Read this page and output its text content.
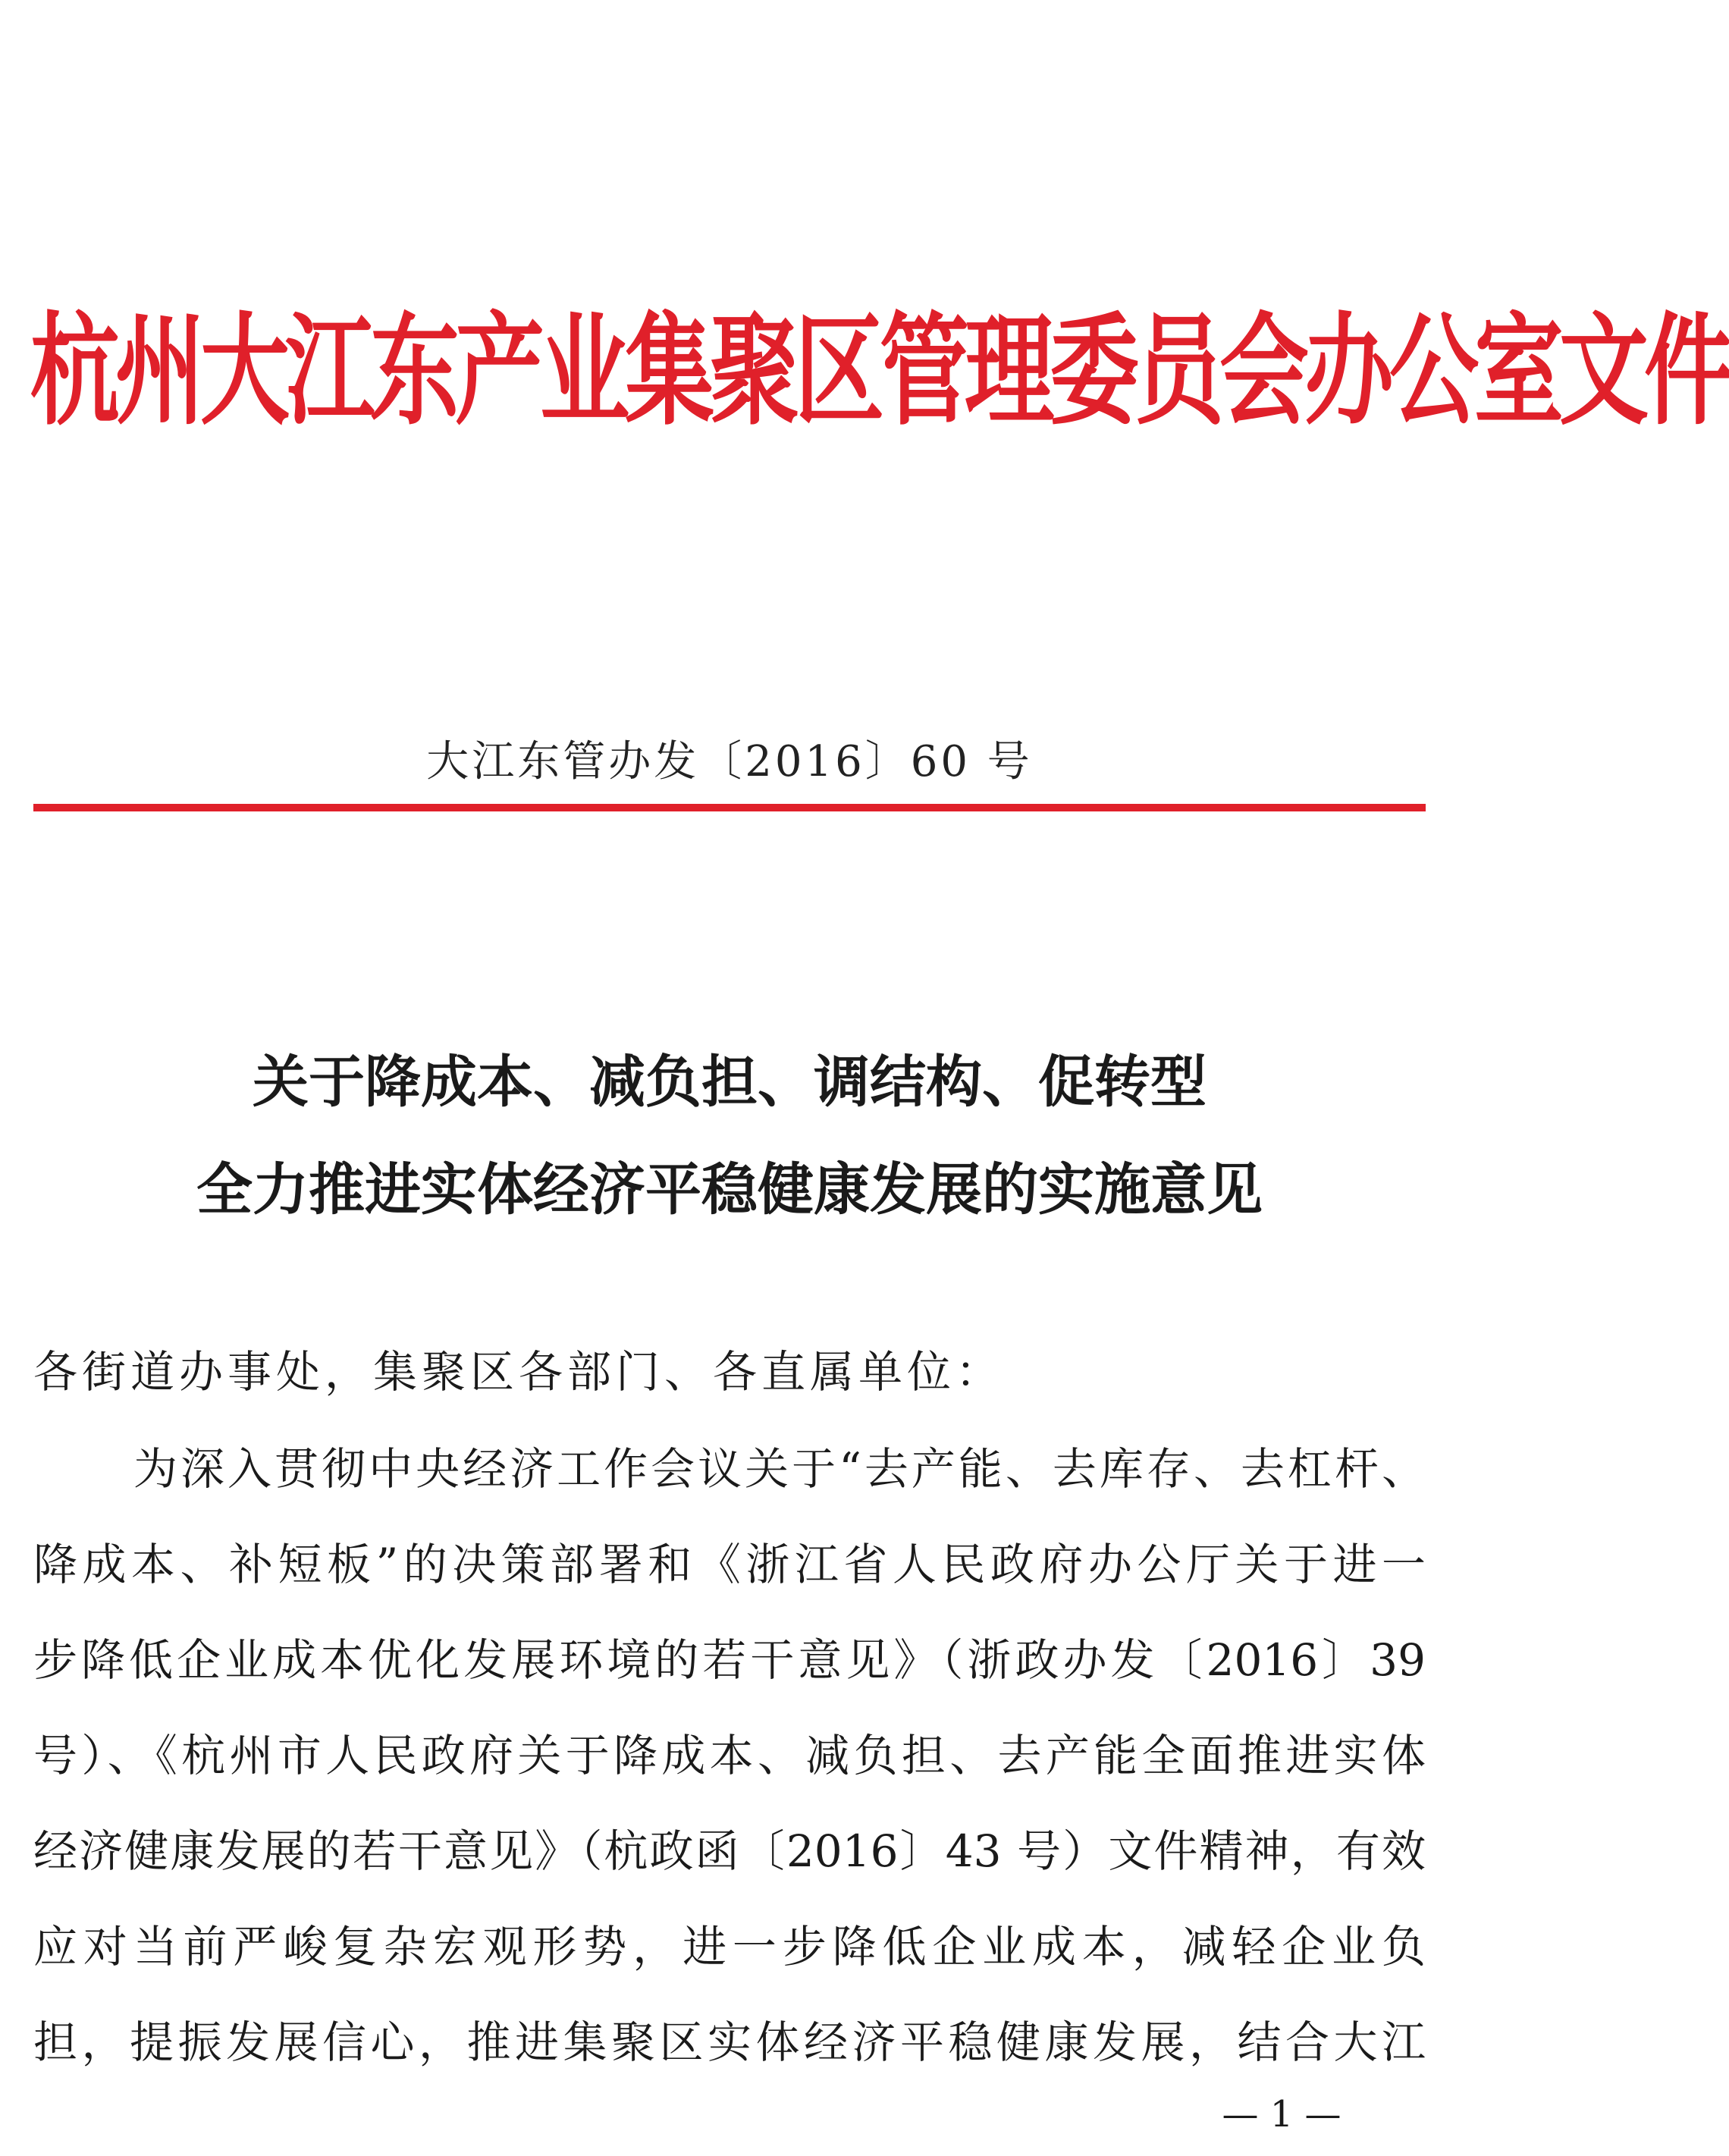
杭州大江东产业集聚区管理委员会办公室文件
大江东管办发〔2016〕60 号
关于降成本、减负担、调结构、促转型
全力推进实体经济平稳健康发展的实施意见
各街道办事处，集聚区各部门、各直属单位：
为深入贯彻中央经济工作会议关于“去产能、去库存、去杠杆、
降成本、补短板”的决策部署和《浙江省人民政府办公厅关于进一
步降低企业成本优化发展环境的若干意见》（浙政办发〔2016〕39
号）、《杭州市人民政府关于降成本、减负担、去产能全面推进实体
经济健康发展的若干意见》（杭政函〔2016〕43 号）文件精神，有效
应对当前严峻复杂宏观形势，进一步降低企业成本，减轻企业负
担，提振发展信心，推进集聚区实体经济平稳健康发展，结合大江
— 1 —
